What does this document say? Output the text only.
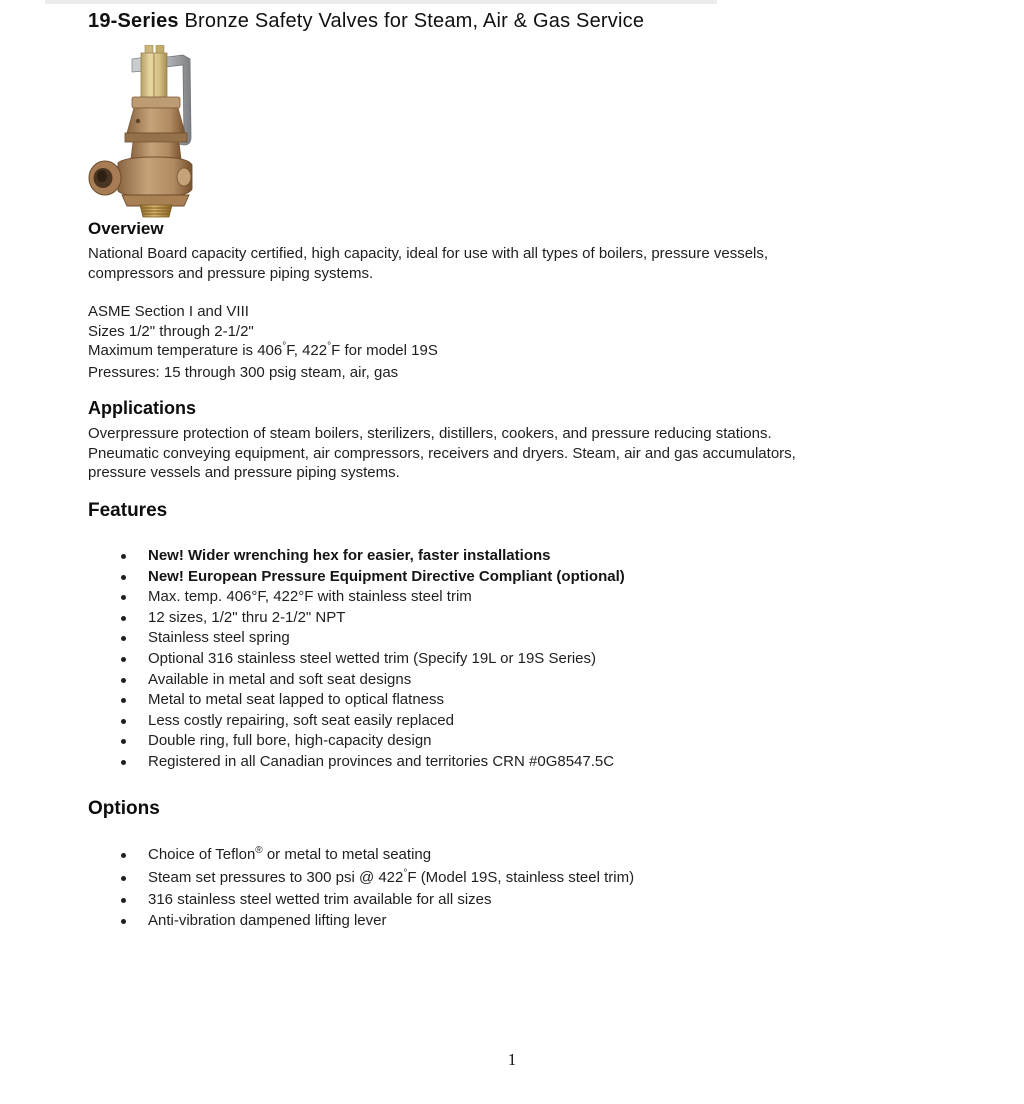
19-Series Bronze Safety Valves for Steam, Air & Gas Service
Overview
National Board capacity certified, high capacity, ideal for use with all types of boilers, pressure vessels,
compressors and pressure piping systems.
ASME Section I and VIII
Sizes 1/2" through 2-1/2"
Maximum temperature is 406°F, 422°F for model 19S
Pressures: 15 through 300 psig steam, air, gas
Applications
Overpressure protection of steam boilers, sterilizers, distillers, cookers, and pressure reducing stations.
Pneumatic conveying equipment, air compressors, receivers and dryers. Steam, air and gas accumulators,
pressure vessels and pressure piping systems.
Features
New! Wider wrenching hex for easier, faster installations
New! European Pressure Equipment Directive Compliant (optional)
Max. temp. 406°F, 422°F with stainless steel trim
12 sizes, 1/2" thru 2-1/2" NPT
Stainless steel spring
Optional 316 stainless steel wetted trim (Specify 19L or 19S Series)
Available in metal and soft seat designs
Metal to metal seat lapped to optical flatness
Less costly repairing, soft seat easily replaced
Double ring, full bore, high-capacity design
Registered in all Canadian provinces and territories CRN #0G8547.5C
Options
Choice of Teflon® or metal to metal seating
Steam set pressures to 300 psi @ 422°F (Model 19S, stainless steel trim)
316 stainless steel wetted trim available for all sizes
Anti-vibration dampened lifting lever
1
